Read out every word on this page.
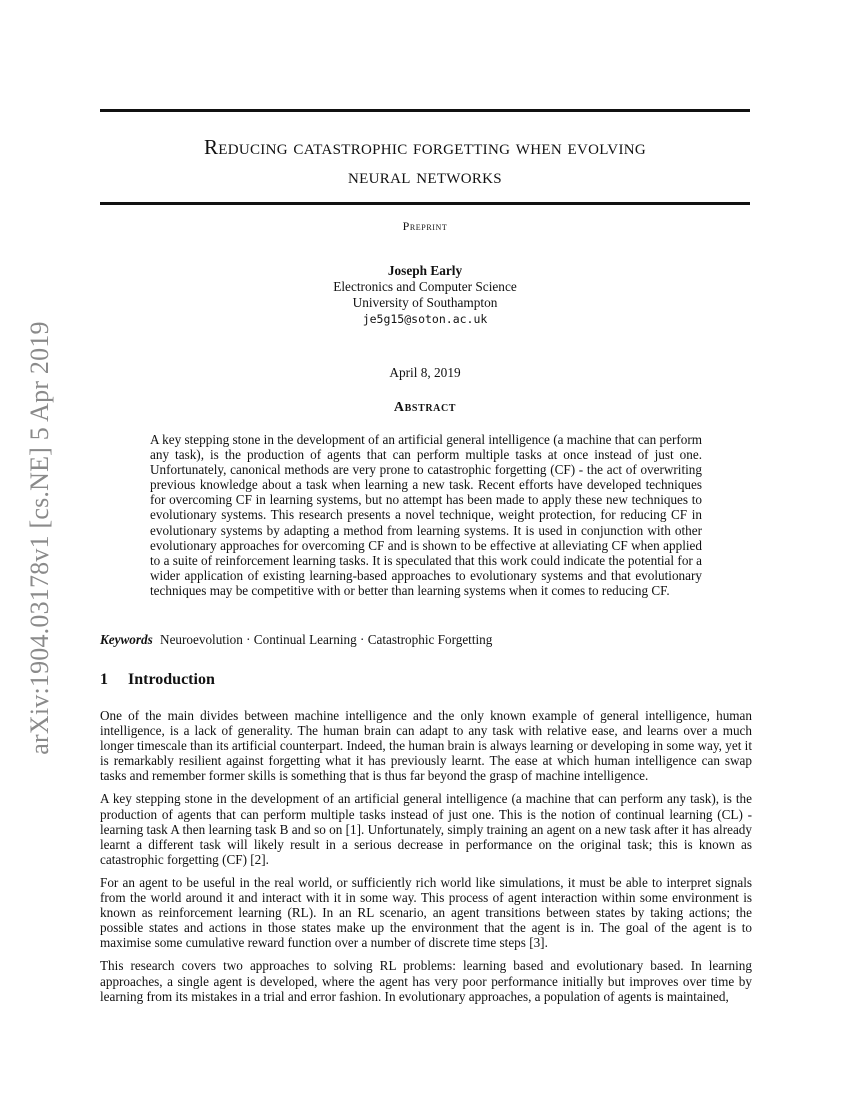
arXiv:1904.03178v1 [cs.NE] 5 Apr 2019
Reducing catastrophic forgetting when evolving
neural networks
Preprint
Joseph Early
Electronics and Computer Science
University of Southampton
je5g15@soton.ac.uk
April 8, 2019
Abstract
A key stepping stone in the development of an artificial general intelligence (a machine that can perform any task), is the production of agents that can perform multiple tasks at once instead of just one. Unfortunately, canonical methods are very prone to catastrophic forgetting (CF) - the act of overwriting previous knowledge about a task when learning a new task. Recent efforts have developed techniques for overcoming CF in learning systems, but no attempt has been made to apply these new techniques to evolutionary systems. This research presents a novel technique, weight protection, for reducing CF in evolutionary systems by adapting a method from learning systems. It is used in conjunction with other evolutionary approaches for overcoming CF and is shown to be effective at alleviating CF when applied to a suite of reinforcement learning tasks. It is speculated that this work could indicate the potential for a wider application of existing learning-based approaches to evolutionary systems and that evolutionary techniques may be competitive with or better than learning systems when it comes to reducing CF.
Keywords Neuroevolution · Continual Learning · Catastrophic Forgetting
1 Introduction

One of the main divides between machine intelligence and the only known example of general intelligence, human intelligence, is a lack of generality. The human brain can adapt to any task with relative ease, and learns over a much longer timescale than its artificial counterpart. Indeed, the human brain is always learning or developing in some way, yet it is remarkably resilient against forgetting what it has previously learnt. The ease at which human intelligence can swap tasks and remember former skills is something that is thus far beyond the grasp of machine intelligence.

A key stepping stone in the development of an artificial general intelligence (a machine that can perform any task), is the production of agents that can perform multiple tasks instead of just one. This is the notion of continual learning (CL) - learning task A then learning task B and so on [1]. Unfortunately, simply training an agent on a new task after it has already learnt a different task will likely result in a serious decrease in performance on the original task; this is known as catastrophic forgetting (CF) [2].

For an agent to be useful in the real world, or sufficiently rich world like simulations, it must be able to interpret signals from the world around it and interact with it in some way. This process of agent interaction within some environment is known as reinforcement learning (RL). In an RL scenario, an agent transitions between states by taking actions; the possible states and actions in those states make up the environment that the agent is in. The goal of the agent is to maximise some cumulative reward function over a number of discrete time steps [3].

This research covers two approaches to solving RL problems: learning based and evolutionary based. In learning approaches, a single agent is developed, where the agent has very poor performance initially but improves over time by learning from its mistakes in a trial and error fashion. In evolutionary approaches, a population of agents is maintained,
